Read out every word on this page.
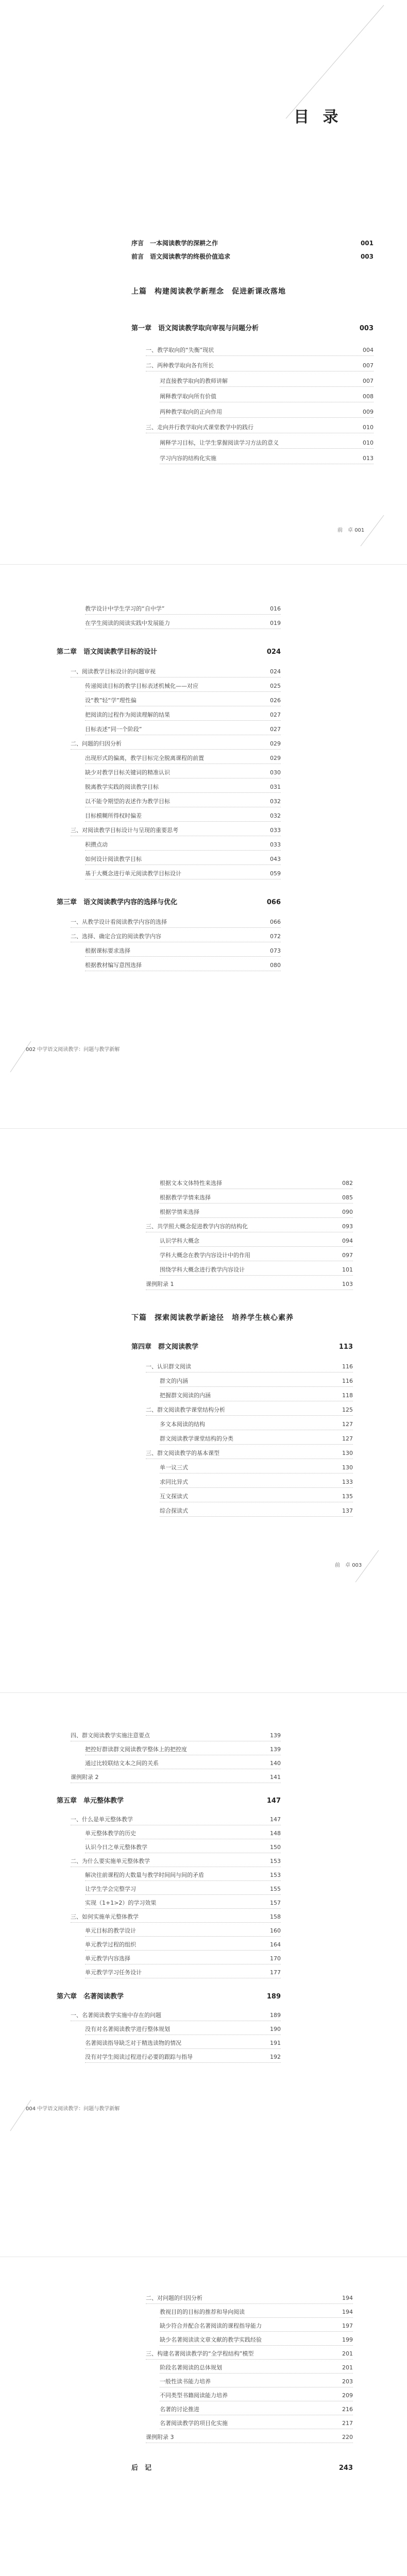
目 录
序言　一本阅读教学的深耕之作	001
前言　语文阅读教学的终极价值追求	003
上篇　构建阅读教学新理念　促进新课改落地
第一章　语文阅读教学取向审视与问题分析	003
一、教学取向的“失衡”现状	004
二、两种教学取向各有所长	007
对直接教学取向的教师讲解	007
阐释教学取向所有价值	008
两种教学取向的正向作用	009
三、走向并行教学取向式课堂教学中的践行	010
阐释学习目标，让学生掌握阅读学习方法的意义	010
学习内容的结构化实施	013
前　卓 001
教学设计中学生学习的“自中学”	016
在学生阅读的阅读实践中发展能力	019
第二章　语文阅读教学目标的设计	024
一、阅读教学目标设计的问题审视	024
传递阅读目标的教学目标表述机械化——对应	025
设“教”轻“学”理性偏	026
把阅读的过程作为阅读理解的结果	027
目标表述“同一个阶段”	027
二、问题的归因分析	029
出现形式的偏离，教学目标完全脱离课程的前置	029
缺少对教学目标关键词的精准认识	030
脱离教学实践的阅读教学目标	031
以不能令期望的表述作为教学目标	032
目标模糊所得权时偏差	032
三、对阅读教学目标设计与呈现的重要思考	033
积攒点动	033
如何设计阅读教学目标	043
基于大概念进行单元阅读教学目标设计	059
第三章　语文阅读教学内容的选择与优化	066
一、从教学设计看阅读教学内容的选择	066
二、选择、确定合宜的阅读教学内容	072
根据课标要求选择	073
根据教材编写意图选择	080
002 中学语文阅读教学：问题与教学新解
根据文本文体特性来选择	082
根据教学学情来选择	085
根据学情来选择	090
三、共学照大概念促进教学内容的结构化	093
认识学科大概念	094
学科大概念在教学内容设计中的作用	097
围绕学科大概念进行教学内容设计	101
课例附录 1	103
下篇　探索阅读教学新途径　培养学生核心素养
第四章　群文阅读教学	113
一、认识群文阅读	116
群文的内涵	116
把握群文阅读的内涵	118
二、群文阅读教学课堂结构分析	125
多文本阅读的结构	127
群文阅读教学课堂结构的分类	127
三、群文阅读教学的基本课型	130
单一议三式	130
求同比异式	133
互文探读式	135
综合探读式	137
前　卓 003
四、群文阅读教学实施注意要点	139
把控好群读群文阅读教学整体上的把控度	139
通过比较联结文本之间的关系	140
课例附录 2	141
第五章　单元整体教学	147
一、什么是单元整体教学	147
单元整体教学的历史	148
认识今日之单元整体教学	150
二、为什么要实施单元整体教学	153
解决往前课程的大数量与教学时间间与间的矛盾	153
让学生学会完整学习	155
实现（1+1>2）的学习效果	157
三、如何实施单元整体教学	158
单元目标的教学设计	160
单元教学过程的组织	164
单元教学内容选择	170
单元教学学习任务设计	177
第六章　名著阅读教学	189
一、名著阅读教学实施中存在的问题	189
没有对名著阅读教学进行整体规划	190
名著阅读指导缺乏对于精选读物的情况	191
没有对学生阅读过程进行必要的跟踪与指导	192
004 中学语文阅读教学：问题与教学新解
二、对问题的归因分析	194
教视目的的目标的推荐和导向阅读	194
缺少符合并配合名著阅读的课程指导能力	197
缺少名著阅读读文章文献的教学实践经验	199
三、构建名著阅读教学的“全学程结构”模型	201
阶段名著阅读的总体规划	201
一般性读书能力培养	203
不同类型书籍阅读能力培养	209
名著的讨论推进	216
名著阅读教学的项目化实施	217
课例附录 3	220
后　记	243
